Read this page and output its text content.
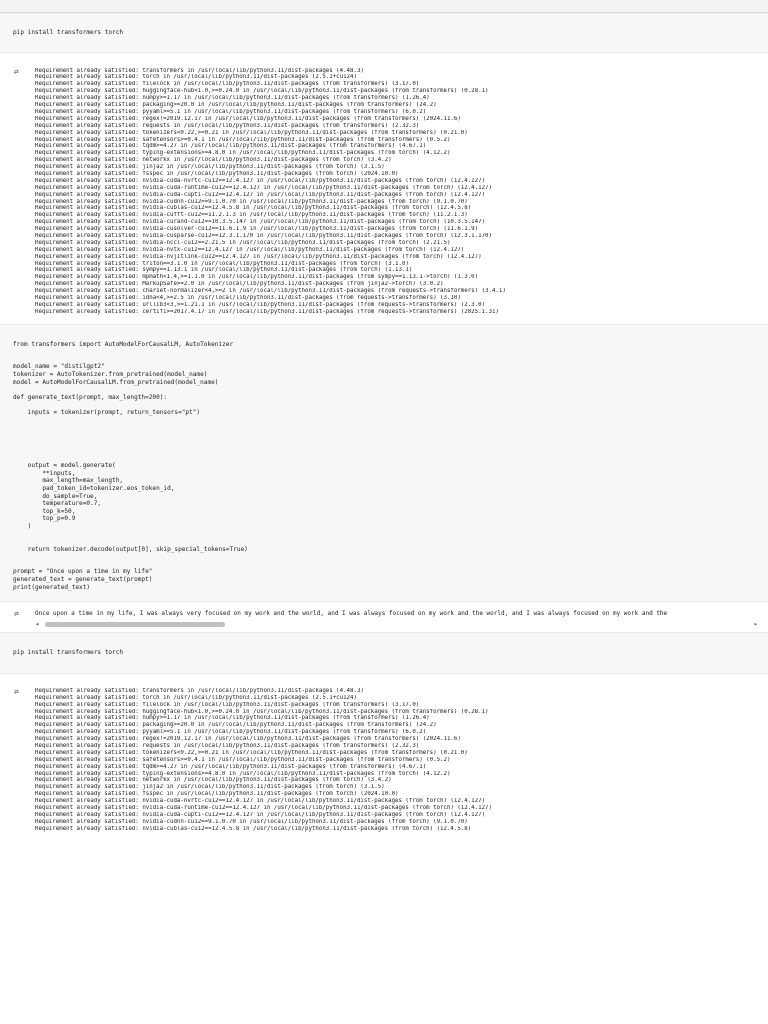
pip install transformers torch
⇄	Requirement already satisfied: transformers in /usr/local/lib/python3.11/dist-packages (4.48.3)
Requirement already satisfied: torch in /usr/local/lib/python3.11/dist-packages (2.5.1+cu124)
Requirement already satisfied: filelock in /usr/local/lib/python3.11/dist-packages (from transformers) (3.17.0)
Requirement already satisfied: huggingface-hub<1.0,>=0.24.0 in /usr/local/lib/python3.11/dist-packages (from transformers) (0.28.1)
Requirement already satisfied: numpy>=1.17 in /usr/local/lib/python3.11/dist-packages (from transformers) (1.26.4)
Requirement already satisfied: packaging>=20.0 in /usr/local/lib/python3.11/dist-packages (from transformers) (24.2)
Requirement already satisfied: pyyaml>=5.1 in /usr/local/lib/python3.11/dist-packages (from transformers) (6.0.2)
Requirement already satisfied: regex!=2019.12.17 in /usr/local/lib/python3.11/dist-packages (from transformers) (2024.11.6)
Requirement already satisfied: requests in /usr/local/lib/python3.11/dist-packages (from transformers) (2.32.3)
Requirement already satisfied: tokenizers<0.22,>=0.21 in /usr/local/lib/python3.11/dist-packages (from transformers) (0.21.0)
Requirement already satisfied: safetensors>=0.4.1 in /usr/local/lib/python3.11/dist-packages (from transformers) (0.5.2)
Requirement already satisfied: tqdm>=4.27 in /usr/local/lib/python3.11/dist-packages (from transformers) (4.67.1)
Requirement already satisfied: typing-extensions>=4.8.0 in /usr/local/lib/python3.11/dist-packages (from torch) (4.12.2)
Requirement already satisfied: networkx in /usr/local/lib/python3.11/dist-packages (from torch) (3.4.2)
Requirement already satisfied: jinja2 in /usr/local/lib/python3.11/dist-packages (from torch) (3.1.5)
Requirement already satisfied: fsspec in /usr/local/lib/python3.11/dist-packages (from torch) (2024.10.0)
Requirement already satisfied: nvidia-cuda-nvrtc-cu12==12.4.127 in /usr/local/lib/python3.11/dist-packages (from torch) (12.4.127)
Requirement already satisfied: nvidia-cuda-runtime-cu12==12.4.127 in /usr/local/lib/python3.11/dist-packages (from torch) (12.4.127)
Requirement already satisfied: nvidia-cuda-cupti-cu12==12.4.127 in /usr/local/lib/python3.11/dist-packages (from torch) (12.4.127)
Requirement already satisfied: nvidia-cudnn-cu12==9.1.0.70 in /usr/local/lib/python3.11/dist-packages (from torch) (9.1.0.70)
Requirement already satisfied: nvidia-cublas-cu12==12.4.5.8 in /usr/local/lib/python3.11/dist-packages (from torch) (12.4.5.8)
Requirement already satisfied: nvidia-cufft-cu12==11.2.1.3 in /usr/local/lib/python3.11/dist-packages (from torch) (11.2.1.3)
Requirement already satisfied: nvidia-curand-cu12==10.3.5.147 in /usr/local/lib/python3.11/dist-packages (from torch) (10.3.5.147)
Requirement already satisfied: nvidia-cusolver-cu12==11.6.1.9 in /usr/local/lib/python3.11/dist-packages (from torch) (11.6.1.9)
Requirement already satisfied: nvidia-cusparse-cu12==12.3.1.170 in /usr/local/lib/python3.11/dist-packages (from torch) (12.3.1.170)
Requirement already satisfied: nvidia-nccl-cu12==2.21.5 in /usr/local/lib/python3.11/dist-packages (from torch) (2.21.5)
Requirement already satisfied: nvidia-nvtx-cu12==12.4.127 in /usr/local/lib/python3.11/dist-packages (from torch) (12.4.127)
Requirement already satisfied: nvidia-nvjitlink-cu12==12.4.127 in /usr/local/lib/python3.11/dist-packages (from torch) (12.4.127)
Requirement already satisfied: triton==3.1.0 in /usr/local/lib/python3.11/dist-packages (from torch) (3.1.0)
Requirement already satisfied: sympy==1.13.1 in /usr/local/lib/python3.11/dist-packages (from torch) (1.13.1)
Requirement already satisfied: mpmath<1.4,>=1.1.0 in /usr/local/lib/python3.11/dist-packages (from sympy==1.13.1->torch) (1.3.0)
Requirement already satisfied: MarkupSafe>=2.0 in /usr/local/lib/python3.11/dist-packages (from jinja2->torch) (3.0.2)
Requirement already satisfied: charset-normalizer<4,>=2 in /usr/local/lib/python3.11/dist-packages (from requests->transformers) (3.4.1)
Requirement already satisfied: idna<4,>=2.5 in /usr/local/lib/python3.11/dist-packages (from requests->transformers) (3.10)
Requirement already satisfied: urllib3<3,>=1.21.1 in /usr/local/lib/python3.11/dist-packages (from requests->transformers) (2.3.0)
Requirement already satisfied: certifi>=2017.4.17 in /usr/local/lib/python3.11/dist-packages (from requests->transformers) (2025.1.31)
from transformers import AutoModelForCausalLM, AutoTokenizer
model_name = "distilgpt2"
tokenizer = AutoTokenizer.from_pretrained(model_name)
model = AutoModelForCausalLM.from_pretrained(model_name)
def generate_text(prompt, max_length=200):
inputs = tokenizer(prompt, return_tensors="pt")
output = model.generate(
**inputs,
max_length=max_length,
pad_token_id=tokenizer.eos_token_id,
do_sample=True,
temperature=0.7,
top_k=50,
top_p=0.9
)
return tokenizer.decode(output[0], skip_special_tokens=True)
prompt = "Once upon a time in my life"
generated_text = generate_text(prompt)
print(generated_text)
⇄	Once upon a time in my life, I was always very focused on my work and the world, and I was always focused on my work and the world, and I was always focused on my work and the
◂	▸
pip install transformers torch
⇄	Requirement already satisfied: transformers in /usr/local/lib/python3.11/dist-packages (4.48.3)
Requirement already satisfied: torch in /usr/local/lib/python3.11/dist-packages (2.5.1+cu124)
Requirement already satisfied: filelock in /usr/local/lib/python3.11/dist-packages (from transformers) (3.17.0)
Requirement already satisfied: huggingface-hub<1.0,>=0.24.0 in /usr/local/lib/python3.11/dist-packages (from transformers) (0.28.1)
Requirement already satisfied: numpy>=1.17 in /usr/local/lib/python3.11/dist-packages (from transformers) (1.26.4)
Requirement already satisfied: packaging>=20.0 in /usr/local/lib/python3.11/dist-packages (from transformers) (24.2)
Requirement already satisfied: pyyaml>=5.1 in /usr/local/lib/python3.11/dist-packages (from transformers) (6.0.2)
Requirement already satisfied: regex!=2019.12.17 in /usr/local/lib/python3.11/dist-packages (from transformers) (2024.11.6)
Requirement already satisfied: requests in /usr/local/lib/python3.11/dist-packages (from transformers) (2.32.3)
Requirement already satisfied: tokenizers<0.22,>=0.21 in /usr/local/lib/python3.11/dist-packages (from transformers) (0.21.0)
Requirement already satisfied: safetensors>=0.4.1 in /usr/local/lib/python3.11/dist-packages (from transformers) (0.5.2)
Requirement already satisfied: tqdm>=4.27 in /usr/local/lib/python3.11/dist-packages (from transformers) (4.67.1)
Requirement already satisfied: typing-extensions>=4.8.0 in /usr/local/lib/python3.11/dist-packages (from torch) (4.12.2)
Requirement already satisfied: networkx in /usr/local/lib/python3.11/dist-packages (from torch) (3.4.2)
Requirement already satisfied: jinja2 in /usr/local/lib/python3.11/dist-packages (from torch) (3.1.5)
Requirement already satisfied: fsspec in /usr/local/lib/python3.11/dist-packages (from torch) (2024.10.0)
Requirement already satisfied: nvidia-cuda-nvrtc-cu12==12.4.127 in /usr/local/lib/python3.11/dist-packages (from torch) (12.4.127)
Requirement already satisfied: nvidia-cuda-runtime-cu12==12.4.127 in /usr/local/lib/python3.11/dist-packages (from torch) (12.4.127)
Requirement already satisfied: nvidia-cuda-cupti-cu12==12.4.127 in /usr/local/lib/python3.11/dist-packages (from torch) (12.4.127)
Requirement already satisfied: nvidia-cudnn-cu12==9.1.0.70 in /usr/local/lib/python3.11/dist-packages (from torch) (9.1.0.70)
Requirement already satisfied: nvidia-cublas-cu12==12.4.5.8 in /usr/local/lib/python3.11/dist-packages (from torch) (12.4.5.8)
